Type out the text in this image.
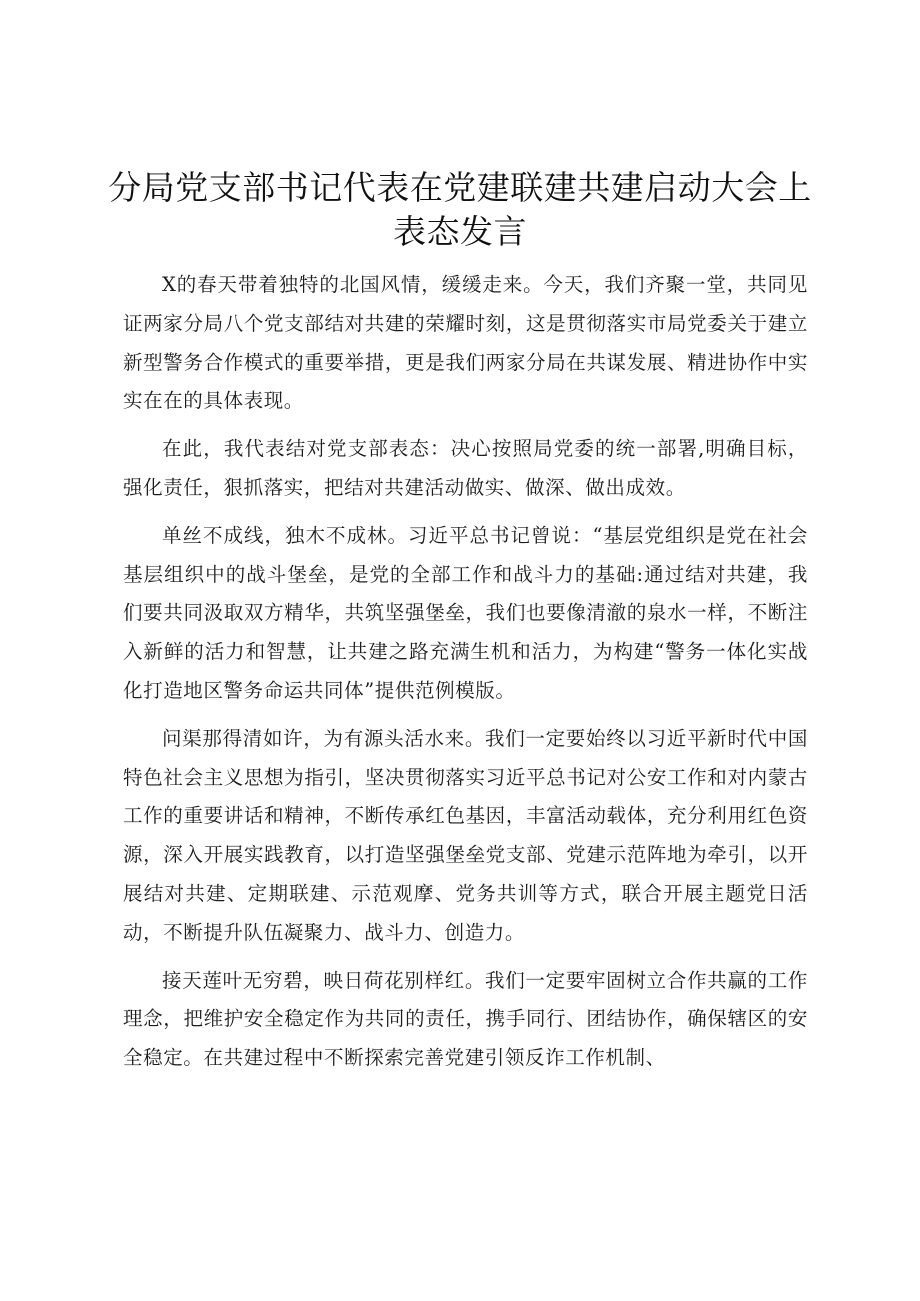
分局党支部书记代表在党建联建共建启动大会上表态发言

X的春天带着独特的北国风情，缓缓走来。今天，我们齐聚一堂，共同见证两家分局八个党支部结对共建的荣耀时刻，这是贯彻落实市局党委关于建立新型警务合作模式的重要举措，更是我们两家分局在共谋发展、精进协作中实实在在的具体表现。

在此，我代表结对党支部表态：决心按照局党委的统一部署,明确目标，强化责任，狠抓落实，把结对共建活动做实、做深、做出成效。

单丝不成线，独木不成林。习近平总书记曾说：“基层党组织是党在社会基层组织中的战斗堡垒，是党的全部工作和战斗力的基础:通过结对共建，我们要共同汲取双方精华，共筑坚强堡垒，我们也要像清澈的泉水一样，不断注入新鲜的活力和智慧，让共建之路充满生机和活力，为构建“警务一体化实战化打造地区警务命运共同体”提供范例模版。

问渠那得清如许，为有源头活水来。我们一定要始终以习近平新时代中国特色社会主义思想为指引，坚决贯彻落实习近平总书记对公安工作和对内蒙古工作的重要讲话和精神，不断传承红色基因，丰富活动载体，充分利用红色资源，深入开展实践教育，以打造坚强堡垒党支部、党建示范阵地为牵引，以开展结对共建、定期联建、示范观摩、党务共训等方式，联合开展主题党日活动，不断提升队伍凝聚力、战斗力、创造力。

接天莲叶无穷碧，映日荷花别样红。我们一定要牢固树立合作共赢的工作理念，把维护安全稳定作为共同的责任，携手同行、团结协作，确保辖区的安全稳定。在共建过程中不断探索完善党建引领反诈工作机制、
